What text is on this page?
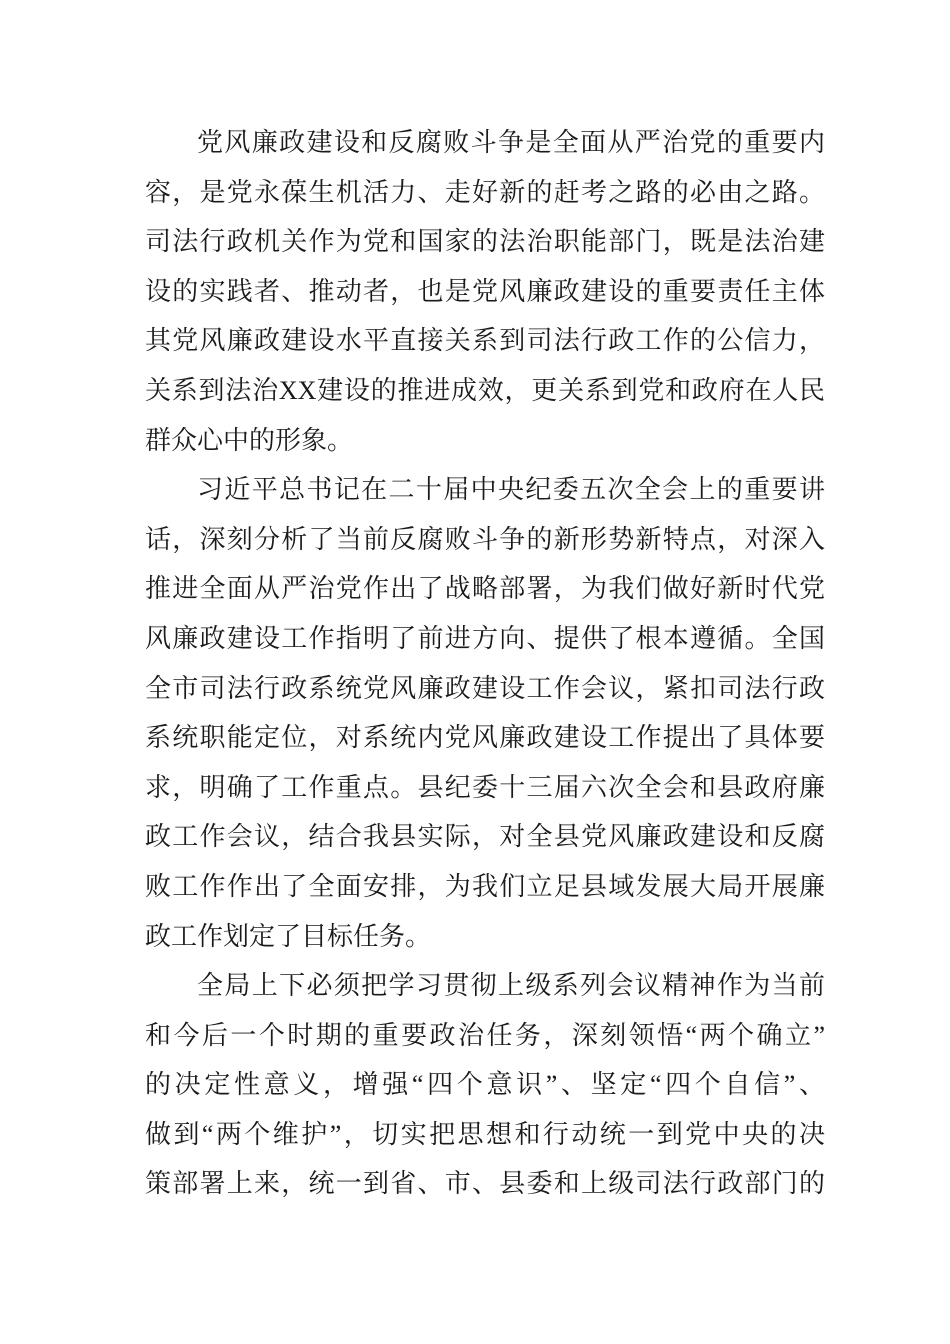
党风廉政建设和反腐败斗争是全面从严治党的重要内
容，是党永葆生机活力、走好新的赶考之路的必由之路。
司法行政机关作为党和国家的法治职能部门，既是法治建
设的实践者、推动者，也是党风廉政建设的重要责任主体
其党风廉政建设水平直接关系到司法行政工作的公信力，
关系到法治XX建设的推进成效，更关系到党和政府在人民
群众心中的形象。
习近平总书记在二十届中央纪委五次全会上的重要讲
话，深刻分析了当前反腐败斗争的新形势新特点，对深入
推进全面从严治党作出了战略部署，为我们做好新时代党
风廉政建设工作指明了前进方向、提供了根本遵循。全国
全市司法行政系统党风廉政建设工作会议，紧扣司法行政
系统职能定位，对系统内党风廉政建设工作提出了具体要
求，明确了工作重点。县纪委十三届六次全会和县政府廉
政工作会议，结合我县实际，对全县党风廉政建设和反腐
败工作作出了全面安排，为我们立足县域发展大局开展廉
政工作划定了目标任务。
全局上下必须把学习贯彻上级系列会议精神作为当前
和今后一个时期的重要政治任务，深刻领悟“两个确立”
的决定性意义，增强“四个意识”、坚定“四个自信”、
做到“两个维护”，切实把思想和行动统一到党中央的决
策部署上来，统一到省、市、县委和上级司法行政部门的
